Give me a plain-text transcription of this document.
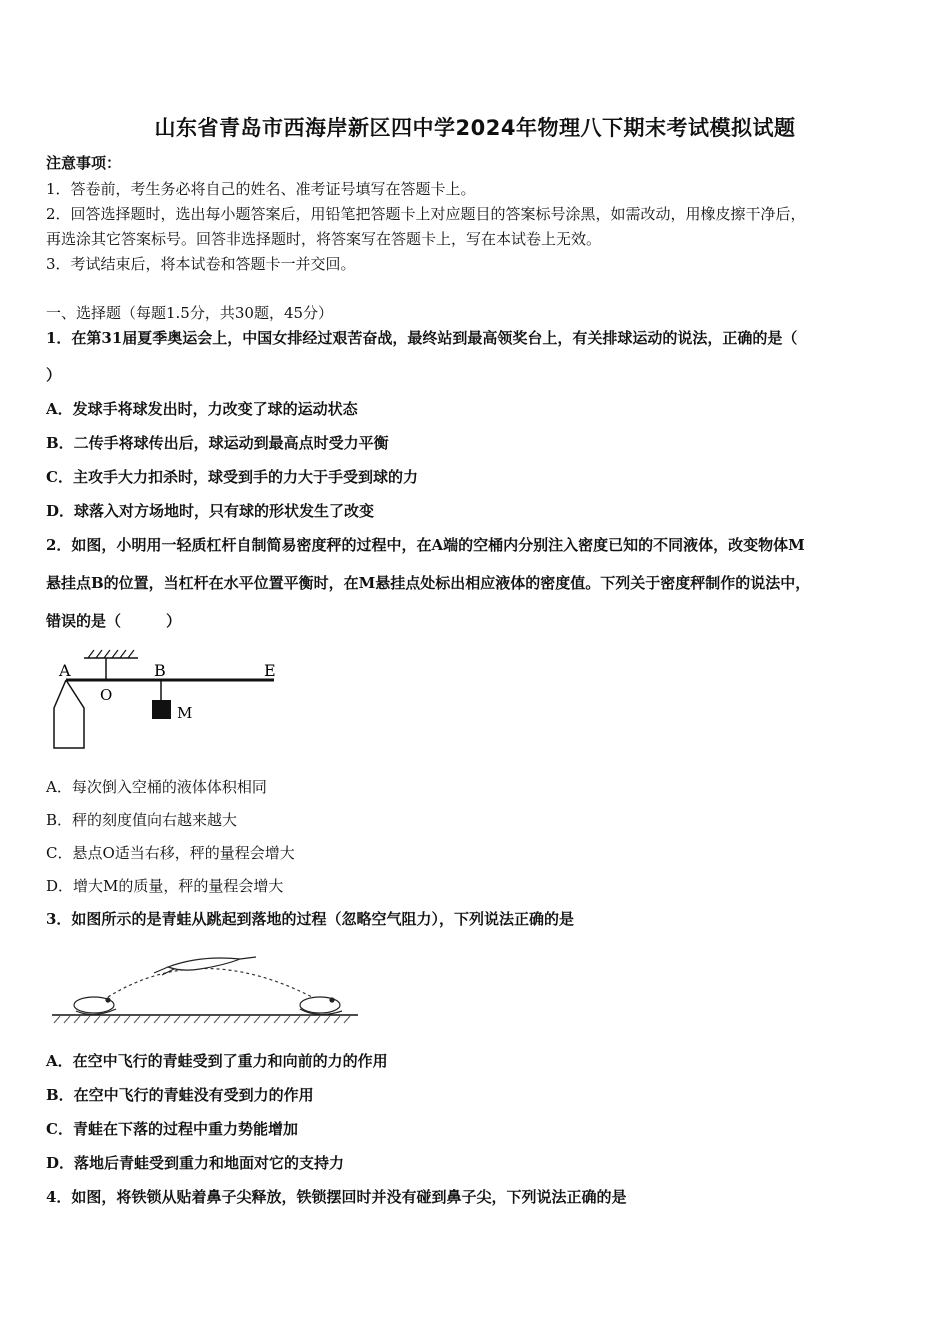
山东省青岛市西海岸新区四中学2024年物理八下期末考试模拟试题
注意事项：
1．答卷前，考生务必将自己的姓名、准考证号填写在答题卡上。
2．回答选择题时，选出每小题答案后，用铅笔把答题卡上对应题目的答案标号涂黑，如需改动，用橡皮擦干净后，
再选涂其它答案标号。回答非选择题时，将答案写在答题卡上，写在本试卷上无效。
3．考试结束后，将本试卷和答题卡一并交回。
一、选择题（每题1.5分，共30题，45分）
1．在第31届夏季奥运会上，中国女排经过艰苦奋战，最终站到最高领奖台上，有关排球运动的说法，正确的是（
）
A．发球手将球发出时，力改变了球的运动状态
B．二传手将球传出后，球运动到最高点时受力平衡
C．主攻手大力扣杀时，球受到手的力大于手受到球的力
D．球落入对方场地时，只有球的形状发生了改变
2．如图，小明用一轻质杠杆自制简易密度秤的过程中，在A端的空桶内分别注入密度已知的不同液体，改变物体M
悬挂点B的位置，当杠杆在水平位置平衡时，在M悬挂点处标出相应液体的密度值。下列关于密度秤制作的说法中，
错误的是（　　　）
A
O
B	E
M
A．每次倒入空桶的液体体积相同
B．秤的刻度值向右越来越大
C．悬点O适当右移，秤的量程会增大
D．增大M的质量，秤的量程会增大
3．如图所示的是青蛙从跳起到落地的过程（忽略空气阻力），下列说法正确的是
A．在空中飞行的青蛙受到了重力和向前的力的作用
B．在空中飞行的青蛙没有受到力的作用
C．青蛙在下落的过程中重力势能增加
D．落地后青蛙受到重力和地面对它的支持力
4．如图，将铁锁从贴着鼻子尖释放，铁锁摆回时并没有碰到鼻子尖，下列说法正确的是
